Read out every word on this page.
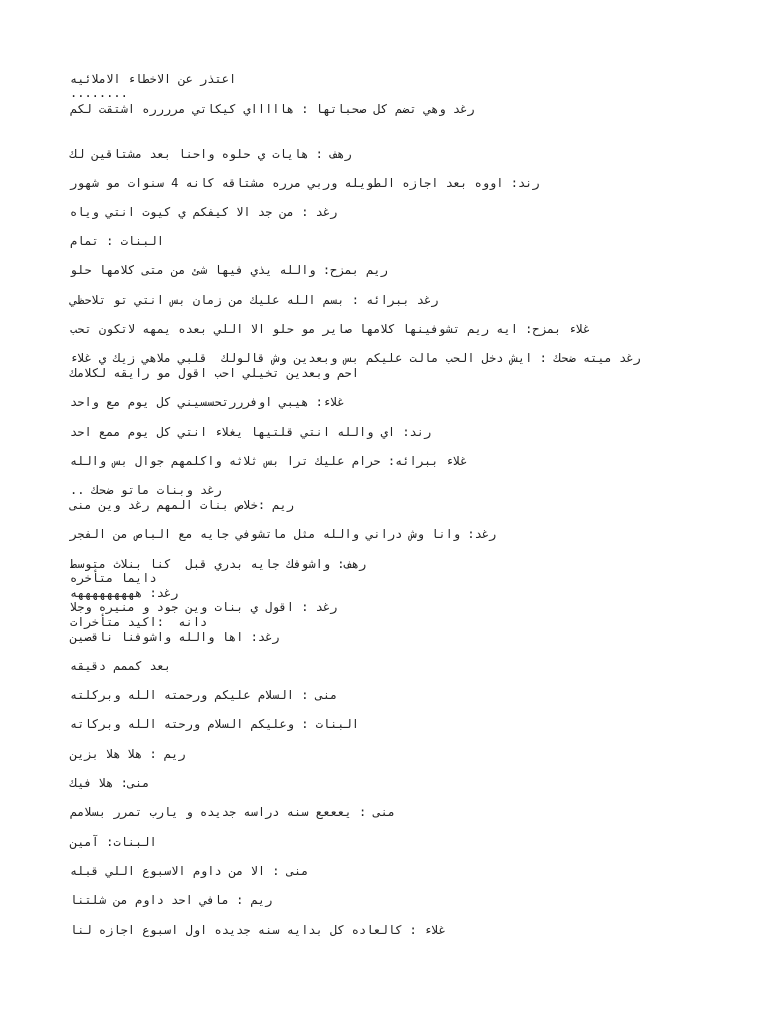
اعتذر عن الاخطاء الاملائيه
........
رغد وهي تضم كل صحباتها : هاااااي كيكاتي مرررره اشتقت لكم
رهف : هايات ي حلوه واحنا بعد مشتاقين لك
رند: اووه بعد اجازه الطويله وربي مرره مشتاقه كانه 4 سنوات مو شهور
رغد : من جد الا كيفكم ي كيوت انتي وياه
البنات : تمام
ريم بمزح: والله يذي فيها شئ من متى كلامها حلو
رغد ببرائه : بسم الله عليك من زمان بس انتي تو تلاحظي
غلاء بمزح: ايه ريم تشوفينها كلامها صاير مو حلو الا اللي بعده يمهه لاتكون تحب
رغد ميته ضحك : ايش دخل الحب مالت عليكم بس وبعدين وش قالولك  قلبي ملاهي زيك ي غلاء
احم وبعدين تخيلي احب اقول مو رايقه لكلامك
غلاء: هيبي اوفرررتحسسيني كل يوم مع واحد
رند: اي والله انتي قلتيها يغلاء انتي كل يوم ممع احد
غلاء ببرائه: حرام عليك ترا بس ثلاثه واكلمهم جوال بس والله
رغد وبنات ماتو ضحك ..
ريم :خلاص بنات المهم رغد وين منى
رغد: وانا وش دراني والله مثل ماتشوفي جايه مع الباص من الفجر
رهف: واشوفك جايه بدري قبل  كنا بنلاث متوسط
دايما متأخره
رغد: هههههههههه
رغد : اقول ي بنات وين جود و منيره وجلا
دانه  :اكيد متأخرات
رغد: اها والله واشوفنا ناقصين
بعد كممم دقيقه
منى : السلام عليكم ورحمته الله وبركلته
البنات : وعليكم السلام ورحته الله وبركاته
ريم : هلا هلا بزين
منى: هلا فيك
منى : يعععع سنه دراسه جديده و يارب تمرر بسلامم
البنات: آمين
منى : الا من داوم الاسبوع اللي قبله
ريم : مافي احد داوم من شلتنا
غلاء : كالعاده كل بدايه سنه جديده اول اسبوع اجازه لنا
